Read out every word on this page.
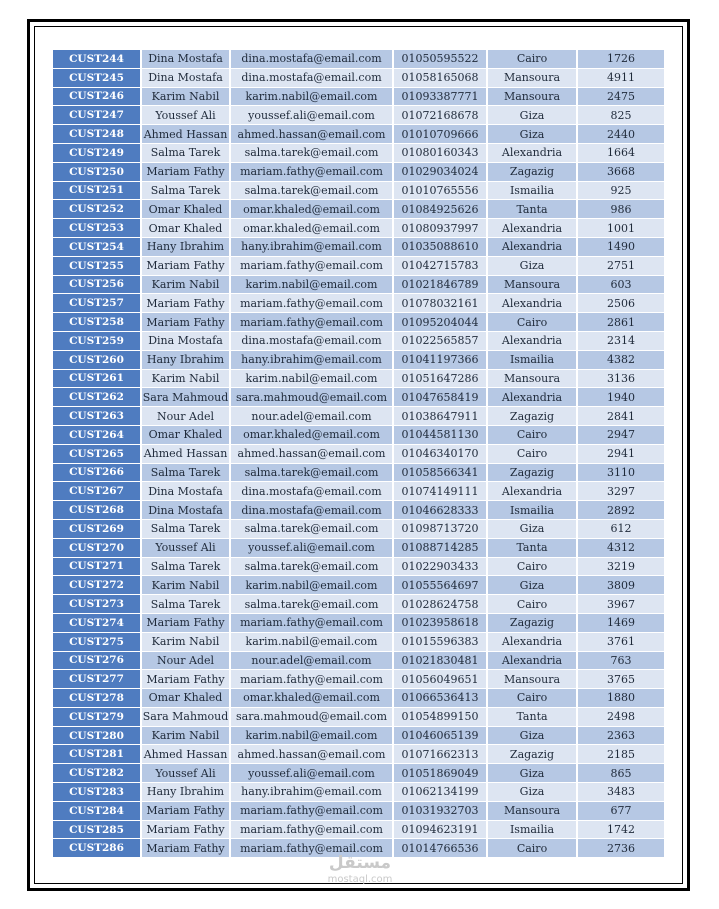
CUST244	Dina Mostafa	dina.mostafa@email.com	01050595522	Cairo	1726
CUST245	Dina Mostafa	dina.mostafa@email.com	01058165068	Mansoura	4911
CUST246	Karim Nabil	karim.nabil@email.com	01093387771	Mansoura	2475
CUST247	Youssef Ali	youssef.ali@email.com	01072168678	Giza	825
CUST248	Ahmed Hassan	ahmed.hassan@email.com	01010709666	Giza	2440
CUST249	Salma Tarek	salma.tarek@email.com	01080160343	Alexandria	1664
CUST250	Mariam Fathy	mariam.fathy@email.com	01029034024	Zagazig	3668
CUST251	Salma Tarek	salma.tarek@email.com	01010765556	Ismailia	925
CUST252	Omar Khaled	omar.khaled@email.com	01084925626	Tanta	986
CUST253	Omar Khaled	omar.khaled@email.com	01080937997	Alexandria	1001
CUST254	Hany Ibrahim	hany.ibrahim@email.com	01035088610	Alexandria	1490
CUST255	Mariam Fathy	mariam.fathy@email.com	01042715783	Giza	2751
CUST256	Karim Nabil	karim.nabil@email.com	01021846789	Mansoura	603
CUST257	Mariam Fathy	mariam.fathy@email.com	01078032161	Alexandria	2506
CUST258	Mariam Fathy	mariam.fathy@email.com	01095204044	Cairo	2861
CUST259	Dina Mostafa	dina.mostafa@email.com	01022565857	Alexandria	2314
CUST260	Hany Ibrahim	hany.ibrahim@email.com	01041197366	Ismailia	4382
CUST261	Karim Nabil	karim.nabil@email.com	01051647286	Mansoura	3136
CUST262	Sara Mahmoud	sara.mahmoud@email.com	01047658419	Alexandria	1940
CUST263	Nour Adel	nour.adel@email.com	01038647911	Zagazig	2841
CUST264	Omar Khaled	omar.khaled@email.com	01044581130	Cairo	2947
CUST265	Ahmed Hassan	ahmed.hassan@email.com	01046340170	Cairo	2941
CUST266	Salma Tarek	salma.tarek@email.com	01058566341	Zagazig	3110
CUST267	Dina Mostafa	dina.mostafa@email.com	01074149111	Alexandria	3297
CUST268	Dina Mostafa	dina.mostafa@email.com	01046628333	Ismailia	2892
CUST269	Salma Tarek	salma.tarek@email.com	01098713720	Giza	612
CUST270	Youssef Ali	youssef.ali@email.com	01088714285	Tanta	4312
CUST271	Salma Tarek	salma.tarek@email.com	01022903433	Cairo	3219
CUST272	Karim Nabil	karim.nabil@email.com	01055564697	Giza	3809
CUST273	Salma Tarek	salma.tarek@email.com	01028624758	Cairo	3967
CUST274	Mariam Fathy	mariam.fathy@email.com	01023958618	Zagazig	1469
CUST275	Karim Nabil	karim.nabil@email.com	01015596383	Alexandria	3761
CUST276	Nour Adel	nour.adel@email.com	01021830481	Alexandria	763
CUST277	Mariam Fathy	mariam.fathy@email.com	01056049651	Mansoura	3765
CUST278	Omar Khaled	omar.khaled@email.com	01066536413	Cairo	1880
CUST279	Sara Mahmoud	sara.mahmoud@email.com	01054899150	Tanta	2498
CUST280	Karim Nabil	karim.nabil@email.com	01046065139	Giza	2363
CUST281	Ahmed Hassan	ahmed.hassan@email.com	01071662313	Zagazig	2185
CUST282	Youssef Ali	youssef.ali@email.com	01051869049	Giza	865
CUST283	Hany Ibrahim	hany.ibrahim@email.com	01062134199	Giza	3483
CUST284	Mariam Fathy	mariam.fathy@email.com	01031932703	Mansoura	677
CUST285	Mariam Fathy	mariam.fathy@email.com	01094623191	Ismailia	1742
CUST286	Mariam Fathy	mariam.fathy@email.com	01014766536	Cairo	2736
مستقل
mostaql.com
